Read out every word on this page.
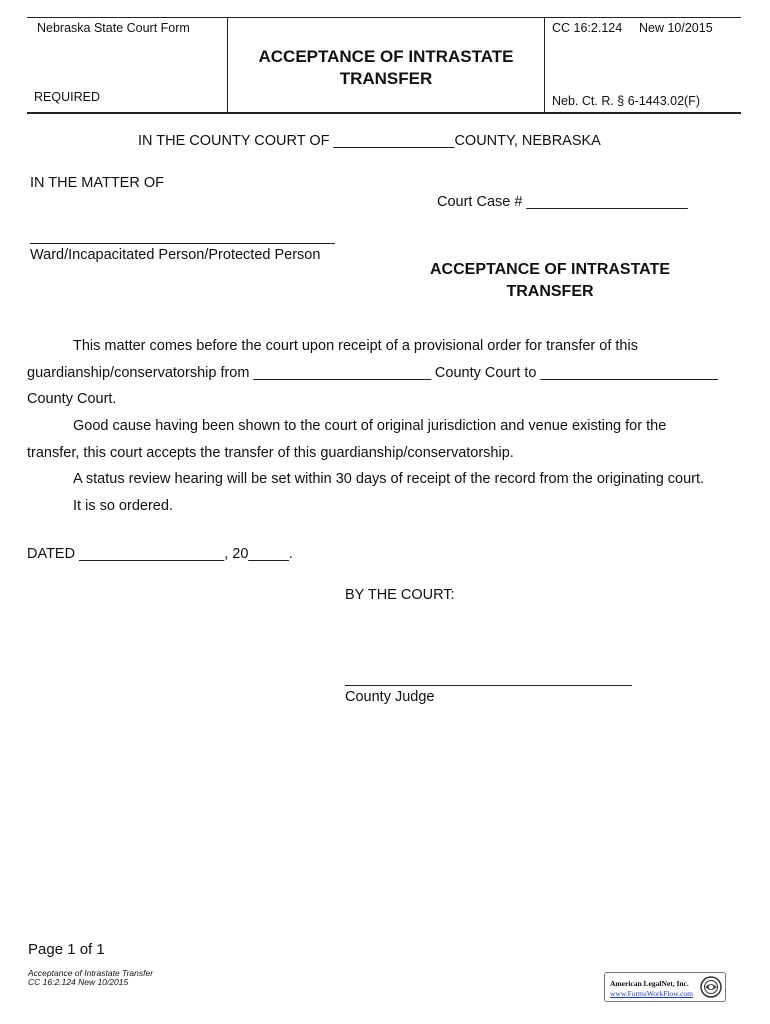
Nebraska State Court Form
REQUIRED
ACCEPTANCE OF INTRASTATE
TRANSFER
CC 16:2.124 New 10/2015
Neb. Ct. R. § 6-1443.02(F)
IN THE COUNTY COURT OF _______________COUNTY, NEBRASKA
IN THE MATTER OF
Court Case # ____________________
Ward/Incapacitated Person/Protected Person
ACCEPTANCE OF INTRASTATE
TRANSFER
This matter comes before the court upon receipt of a provisional order for transfer of this
guardianship/conservatorship from ______________________ County Court to ______________________
County Court.
Good cause having been shown to the court of original jurisdiction and venue existing for the
transfer, this court accepts the transfer of this guardianship/conservatorship.
A status review hearing will be set within 30 days of receipt of the record from the originating court.
It is so ordered.
DATED __________________, 20_____.
BY THE COURT:
County Judge
Page 1 of 1
Acceptance of Intrastate Transfer
CC 16:2.124 New 10/2015	American LegalNet, Inc.
www.FormsWorkFlow.com
